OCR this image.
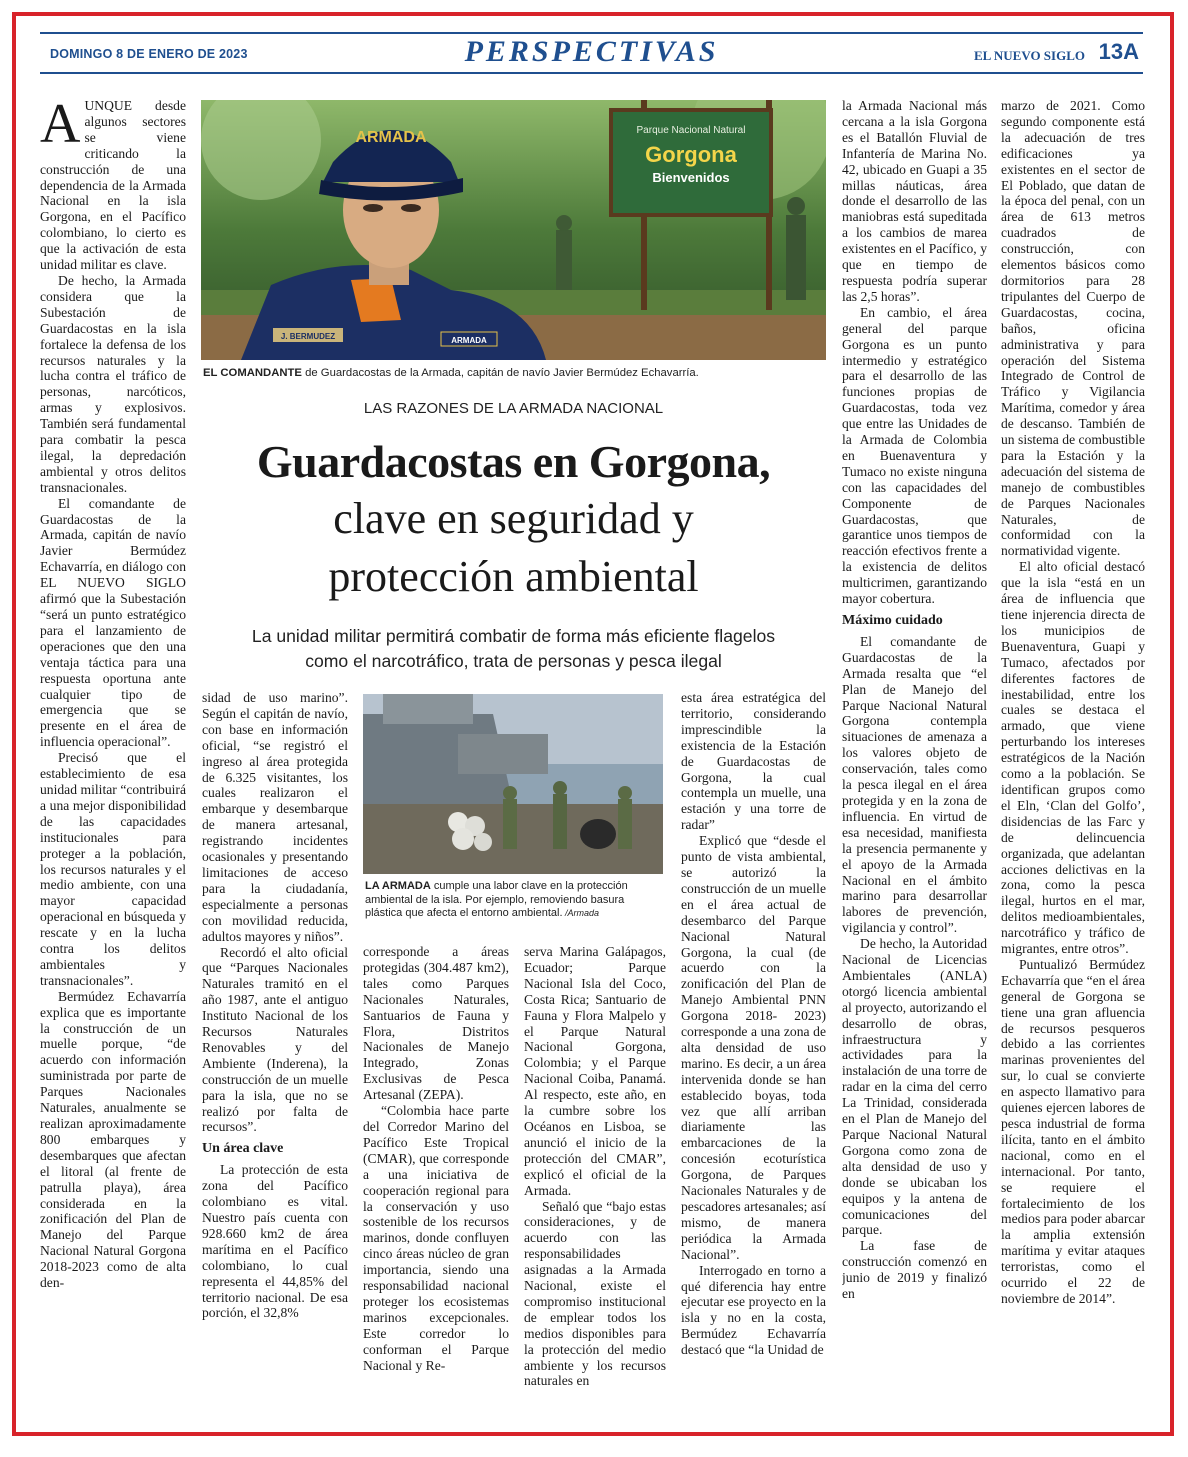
DOMINGO 8 DE ENERO DE 2023	PERSPECTIVAS	EL NUEVO SIGLO 13A

AUNQUE desde algunos sectores se viene criticando la construcción de una dependencia de la Armada Nacional en la isla Gorgona, en el Pacífico colombiano, lo cierto es que la activación de esta unidad militar es clave.

De hecho, la Armada considera que la Subestación de Guardacostas en la isla fortalece la defensa de los recursos naturales y la lucha contra el tráfico de personas, narcóticos, armas y explosivos. También será fundamental para combatir la pesca ilegal, la depredación ambiental y otros delitos transnacionales.

El comandante de Guardacostas de la Armada, capitán de navío Javier Bermúdez Echavarría, en diálogo con EL NUEVO SIGLO afirmó que la Subestación “será un punto estratégico para el lanzamiento de operaciones que den una ventaja táctica para una respuesta oportuna ante cualquier tipo de emergencia que se presente en el área de influencia operacional”.

Precisó que el establecimiento de esa unidad militar “contribuirá a una mejor disponibilidad de las capacidades institucionales para proteger a la población, los recursos naturales y el medio ambiente, con una mayor capacidad operacional en búsqueda y rescate y en la lucha contra los delitos ambientales y transnacionales”.

Bermúdez Echavarría explica que es importante la construcción de un muelle porque, “de acuerdo con información suministrada por parte de Parques Nacionales Naturales, anualmente se realizan aproximadamente 800 embarques y desembarques que afectan el litoral (al frente de patrulla playa), área considerada en la zonificación del Plan de Manejo del Parque Nacional Natural Gorgona 2018-2023 como de alta den-

Parque Nacional Natural
Gorgona
Bienvenidos
ARMADA
J. BERMUDEZ	ARMADA
EL COMANDANTE de Guardacostas de la Armada, capitán de navío Javier Bermúdez Echavarría.
LAS RAZONES DE LA ARMADA NACIONAL
Guardacostas en Gorgona,
clave en seguridad y
protección ambiental
La unidad militar permitirá combatir de forma más eficiente flagelos
como el narcotráfico, trata de personas y pesca ilegal

sidad de uso marino”. Según el capitán de navío, con base en información oficial, “se registró el ingreso al área protegida de 6.325 visitantes, los cuales realizaron el embarque y desembarque de manera artesanal, registrando incidentes ocasionales y presentando limitaciones de acceso para la ciudadanía, especialmente a personas con movilidad reducida, adultos mayores y niños”.

Recordó el alto oficial que “Parques Nacionales Naturales tramitó en el año 1987, ante el antiguo Instituto Nacional de los Recursos Naturales Renovables y del Ambiente (Inderena), la construcción de un muelle para la isla, que no se realizó por falta de recursos”.

Un área clave

La protección de esta zona del Pacífico colombiano es vital. Nuestro país cuenta con 928.660 km2 de área marítima en el Pacífico colombiano, lo cual representa el 44,85% del territorio nacional. De esa porción, el 32,8%

LA ARMADA cumple una labor clave en la protección ambiental de la isla. Por ejemplo, removiendo basura plástica que afecta el entorno ambiental. /Armada

corresponde a áreas protegidas (304.487 km2), tales como Parques Nacionales Naturales, Santuarios de Fauna y Flora, Distritos Nacionales de Manejo Integrado, Zonas Exclusivas de Pesca Artesanal (ZEPA).

“Colombia hace parte del Corredor Marino del Pacífico Este Tropical (CMAR), que corresponde a una iniciativa de cooperación regional para la conservación y uso sostenible de los recursos marinos, donde confluyen cinco áreas núcleo de gran importancia, siendo una responsabilidad nacional proteger los ecosistemas marinos excepcionales. Este corredor lo conforman el Parque Nacional y Re-

serva Marina Galápagos, Ecuador; Parque Nacional Isla del Coco, Costa Rica; Santuario de Fauna y Flora Malpelo y el Parque Natural Nacional Gorgona, Colombia; y el Parque Nacional Coiba, Panamá. Al respecto, este año, en la cumbre sobre los Océanos en Lisboa, se anunció el inicio de la protección del CMAR”, explicó el oficial de la Armada.

Señaló que “bajo estas consideraciones, y de acuerdo con las responsabilidades asignadas a la Armada Nacional, existe el compromiso institucional de emplear todos los medios disponibles para la protección del medio ambiente y los recursos naturales en

esta área estratégica del territorio, considerando imprescindible la existencia de la Estación de Guardacostas de Gorgona, la cual contempla un muelle, una estación y una torre de radar”

Explicó que “desde el punto de vista ambiental, se autorizó la construcción de un muelle en el área actual de desembarco del Parque Nacional Natural Gorgona, la cual (de acuerdo con la zonificación del Plan de Manejo Ambiental PNN Gorgona 2018- 2023) corresponde a una zona de alta densidad de uso marino. Es decir, a un área intervenida donde se han establecido boyas, toda vez que allí arriban diariamente las embarcaciones de la concesión ecoturística Gorgona, de Parques Nacionales Naturales y de pescadores artesanales; así mismo, de manera periódica la Armada Nacional”.

Interrogado en torno a qué diferencia hay entre ejecutar ese proyecto en la isla y no en la costa, Bermúdez Echavarría destacó que “la Unidad de

la Armada Nacional más cercana a la isla Gorgona es el Batallón Fluvial de Infantería de Marina No. 42, ubicado en Guapi a 35 millas náuticas, área donde el desarrollo de las maniobras está supeditada a los cambios de marea existentes en el Pacífico, y que en tiempo de respuesta podría superar las 2,5 horas”.

En cambio, el área general del parque Gorgona es un punto intermedio y estratégico para el desarrollo de las funciones propias de Guardacostas, toda vez que entre las Unidades de la Armada de Colombia en Buenaventura y Tumaco no existe ninguna con las capacidades del Componente de Guardacostas, que garantice unos tiempos de reacción efectivos frente a la existencia de delitos multicrimen, garantizando mayor cobertura.

Máximo cuidado

El comandante de Guardacostas de la Armada resalta que “el Plan de Manejo del Parque Nacional Natural Gorgona contempla situaciones de amenaza a los valores objeto de conservación, tales como la pesca ilegal en el área protegida y en la zona de influencia. En virtud de esa necesidad, manifiesta la presencia permanente y el apoyo de la Armada Nacional en el ámbito marino para desarrollar labores de prevención, vigilancia y control”.

De hecho, la Autoridad Nacional de Licencias Ambientales (ANLA) otorgó licencia ambiental al proyecto, autorizando el desarrollo de obras, infraestructura y actividades para la instalación de una torre de radar en la cima del cerro La Trinidad, considerada en el Plan de Manejo del Parque Nacional Natural Gorgona como zona de alta densidad de uso y donde se ubicaban los equipos y la antena de comunicaciones del parque.

La fase de construcción comenzó en junio de 2019 y finalizó en

marzo de 2021. Como segundo componente está la adecuación de tres edificaciones ya existentes en el sector de El Poblado, que datan de la época del penal, con un área de 613 metros cuadrados de construcción, con elementos básicos como dormitorios para 28 tripulantes del Cuerpo de Guardacostas, cocina, baños, oficina administrativa y para operación del Sistema Integrado de Control de Tráfico y Vigilancia Marítima, comedor y área de descanso. También de un sistema de combustible para la Estación y la adecuación del sistema de manejo de combustibles de Parques Nacionales Naturales, de conformidad con la normatividad vigente.

El alto oficial destacó que la isla “está en un área de influencia que tiene injerencia directa de los municipios de Buenaventura, Guapi y Tumaco, afectados por diferentes factores de inestabilidad, entre los cuales se destaca el armado, que viene perturbando los intereses estratégicos de la Nación como a la población. Se identifican grupos como el Eln, ‘Clan del Golfo’, disidencias de las Farc y de delincuencia organizada, que adelantan acciones delictivas en la zona, como la pesca ilegal, hurtos en el mar, delitos medioambientales, narcotráfico y tráfico de migrantes, entre otros”.

Puntualizó Bermúdez Echavarría que “en el área general de Gorgona se tiene una gran afluencia de recursos pesqueros debido a las corrientes marinas provenientes del sur, lo cual se convierte en aspecto llamativo para quienes ejercen labores de pesca industrial de forma ilícita, tanto en el ámbito nacional, como en el internacional. Por tanto, se requiere el fortalecimiento de los medios para poder abarcar la amplia extensión marítima y evitar ataques terroristas, como el ocurrido el 22 de noviembre de 2014”.
